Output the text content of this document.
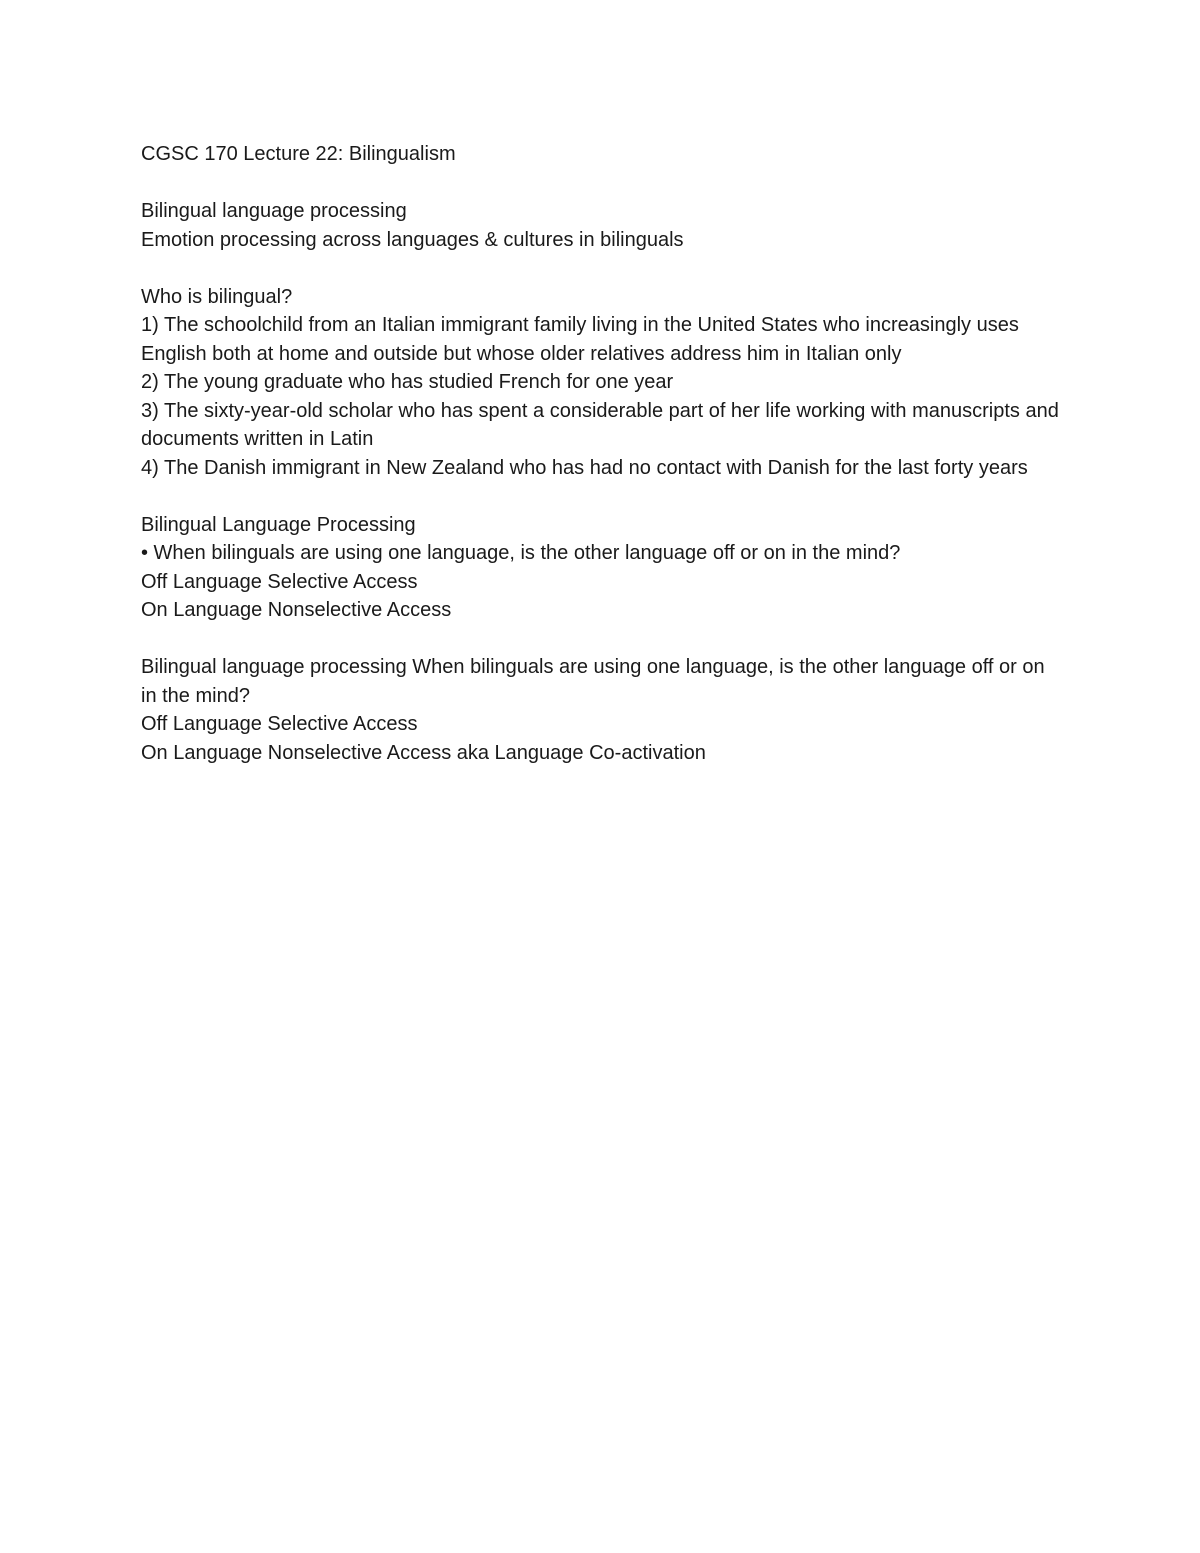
CGSC 170 Lecture 22: Bilingualism
Bilingual language processing
Emotion processing across languages & cultures in bilinguals
Who is bilingual?
1) The schoolchild from an Italian immigrant family living in the United States who increasingly uses English both at home and outside but whose older relatives address him in Italian only
2) The young graduate who has studied French for one year
3) The sixty-year-old scholar who has spent a considerable part of her life working with manuscripts and documents written in Latin
4) The Danish immigrant in New Zealand who has had no contact with Danish for the last forty years
Bilingual Language Processing
• When bilinguals are using one language, is the other language off or on in the mind?
Off Language Selective Access
On Language Nonselective Access
Bilingual language processing When bilinguals are using one language, is the other language off or on in the mind?
Off Language Selective Access
On Language Nonselective Access aka Language Co-activation
